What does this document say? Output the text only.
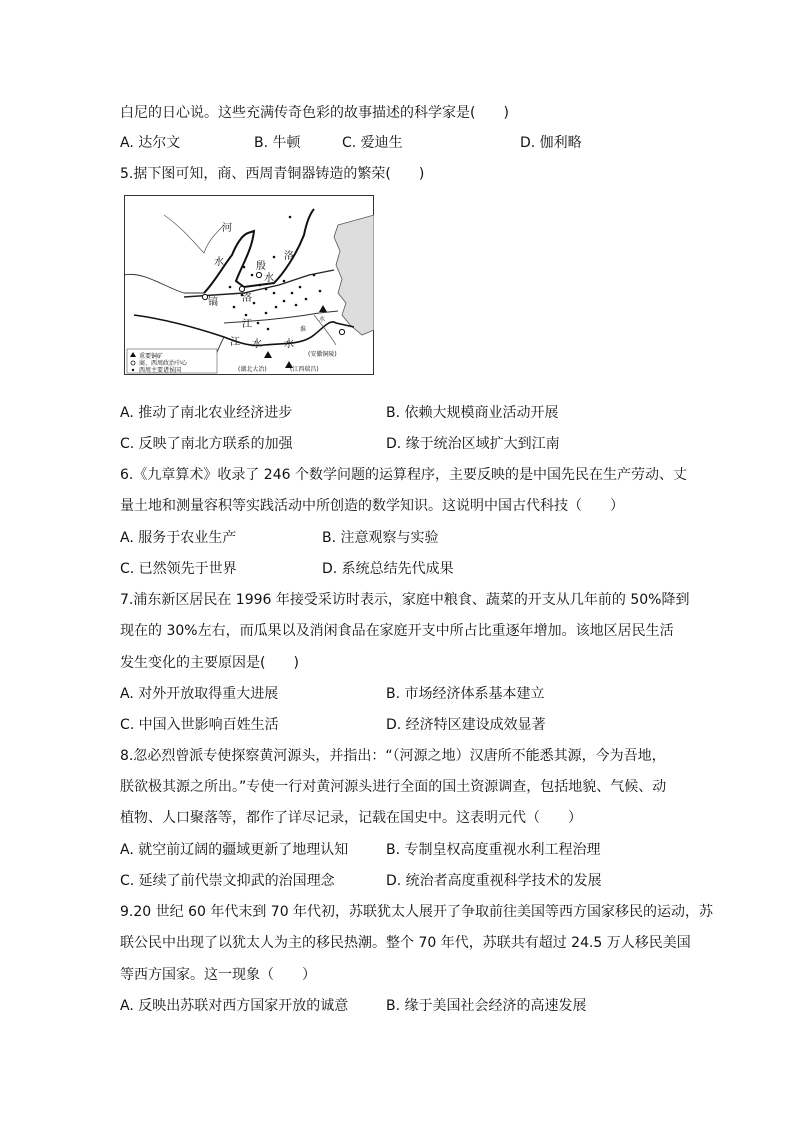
白尼的日心说。这些充满传奇色彩的故事描述的科学家是(　　)
A. 达尔文	B. 牛顿	C. 爱迪生	D. 伽利略
5.据下图可知，商、西周青铜器铸造的繁荣(　　)
河
水	殷
洛
水
镐 洛
江
江 水 水
淮
水
(安徽铜陵)
(湖北大冶)	(江西瑞昌)
重要铜矿
商、西周政治中心
西周主要诸侯国
A. 推动了南北农业经济进步	B. 依赖大规模商业活动开展
C. 反映了南北方联系的加强	D. 缘于统治区域扩大到江南
6.《九章算术》收录了 246 个数学问题的运算程序，主要反映的是中国先民在生产劳动、丈
量土地和测量容积等实践活动中所创造的数学知识。这说明中国古代科技（　　）
A. 服务于农业生产	B. 注意观察与实验
C. 已然领先于世界	D. 系统总结先代成果
7.浦东新区居民在 1996 年接受采访时表示，家庭中粮食、蔬菜的开支从几年前的 50%降到
现在的 30%左右，而瓜果以及消闲食品在家庭开支中所占比重逐年增加。该地区居民生活
发生变化的主要原因是(　　)
A. 对外开放取得重大进展	B. 市场经济体系基本建立
C. 中国入世影响百姓生活	D. 经济特区建设成效显著
8.忽必烈曾派专使探察黄河源头，并指出：“（河源之地）汉唐所不能悉其源，今为吾地，
朕欲极其源之所出。”专使一行对黄河源头进行全面的国土资源调查，包括地貌、气候、动
植物、人口聚落等，都作了详尽记录，记载在国史中。这表明元代（　　）
A. 就空前辽阔的疆域更新了地理认知	B. 专制皇权高度重视水利工程治理
C. 延续了前代崇文抑武的治国理念	D. 统治者高度重视科学技术的发展
9.20 世纪 60 年代末到 70 年代初，苏联犹太人展开了争取前往美国等西方国家移民的运动，苏
联公民中出现了以犹太人为主的移民热潮。整个 70 年代，苏联共有超过 24.5 万人移民美国
等西方国家。这一现象（　　）
A. 反映出苏联对西方国家开放的诚意	B. 缘于美国社会经济的高速发展
